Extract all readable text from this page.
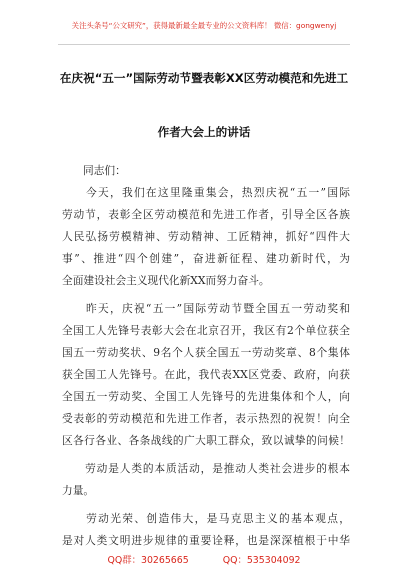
关注头条号“公文研究”，获得最新最全最专业的公文资料库！ 微信：gongwenyj
在庆祝“五一”国际劳动节暨表彰XX区劳动模范和先进工
作者大会上的讲话
同志们：
　　今天，我们在这里隆重集会，热烈庆祝“五一”国际
劳动节，表彰全区劳动模范和先进工作者，引导全区各族
人民弘扬劳模精神、劳动精神、工匠精神，抓好“四件大
事”、推进“四个创建”，奋进新征程、建功新时代，为
全面建设社会主义现代化新XX而努力奋斗。
　　昨天，庆祝“五一”国际劳动节暨全国五一劳动奖和
全国工人先锋号表彰大会在北京召开，我区有2个单位获全
国五一劳动奖状、9名个人获全国五一劳动奖章、8个集体
获全国工人先锋号。在此，我代表XX区党委、政府，向获
全国五一劳动奖、全国工人先锋号的先进集体和个人，向
受表彰的劳动模范和先进工作者，表示热烈的祝贺！向全
区各行各业、各条战线的广大职工群众，致以诚挚的问候！
　　劳动是人类的本质活动，是推动人类社会进步的根本
力量。
　　劳动光荣、创造伟大，是马克思主义的基本观点，
是对人类文明进步规律的重要诠释，也是深深植根于中华
QQ群：30265665	QQ：535304092
